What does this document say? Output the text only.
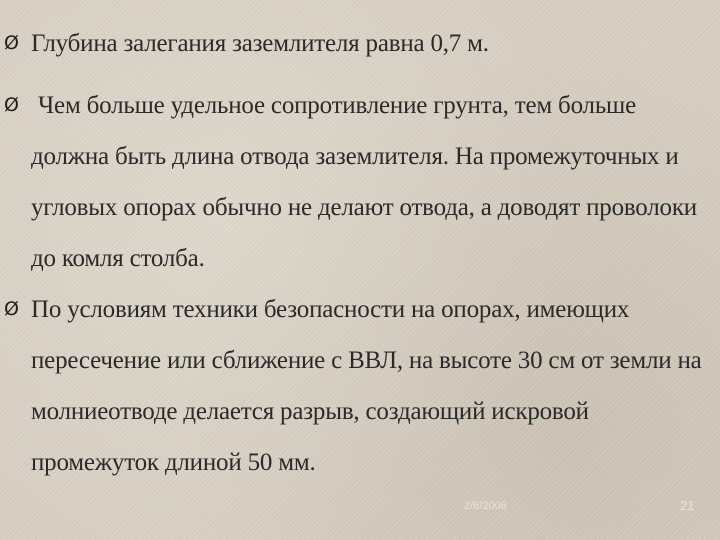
Ø Глубина залегания заземлителя равна 0,7 м.
Ø Чем больше удельное сопротивление грунта, тем больше должна быть длина отвода заземлителя. На промежуточных и угловых опорах обычно не делают отвода, а доводят проволоки до комля столба.
Ø По условиям техники безопасности на опорах, имеющих пересечение или сближение с ВВЛ, на высоте 30 см от земли на молниеотводе делается разрыв, создающий искровой промежуток длиной 50 мм.
2/6/2006	21
